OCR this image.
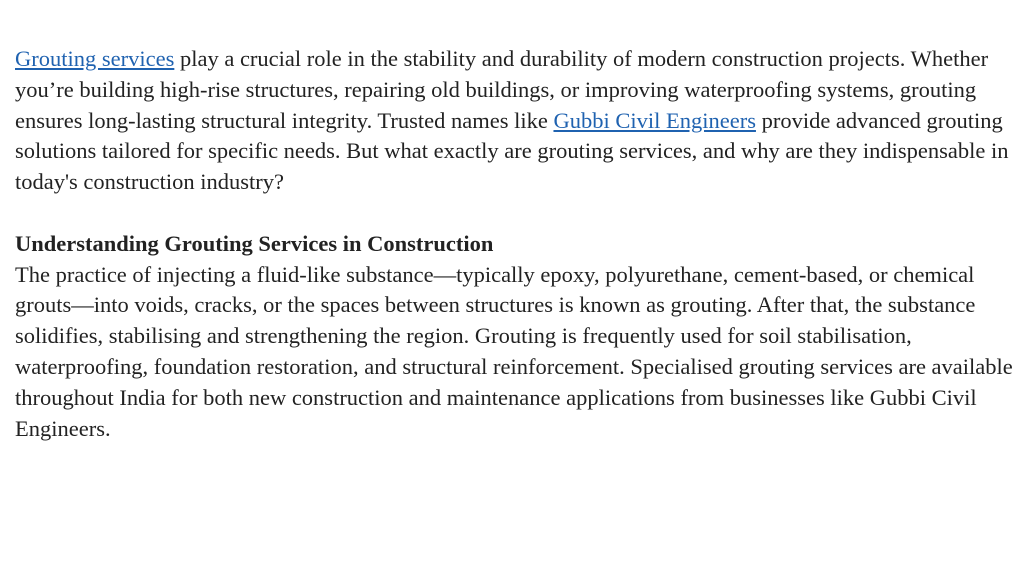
Grouting services play a crucial role in the stability and durability of modern construction projects. Whether you’re building high-rise structures, repairing old buildings, or improving waterproofing systems, grouting ensures long-lasting structural integrity. Trusted names like Gubbi Civil Engineers provide advanced grouting solutions tailored for specific needs. But what exactly are grouting services, and why are they indispensable in today's construction industry?

Understanding Grouting Services in Construction

The practice of injecting a fluid-like substance—typically epoxy, polyurethane, cement-based, or chemical grouts—into voids, cracks, or the spaces between structures is known as grouting. After that, the substance solidifies, stabilising and strengthening the region. Grouting is frequently used for soil stabilisation, waterproofing, foundation restoration, and structural reinforcement. Specialised grouting services are available throughout India for both new construction and maintenance applications from businesses like Gubbi Civil Engineers.
